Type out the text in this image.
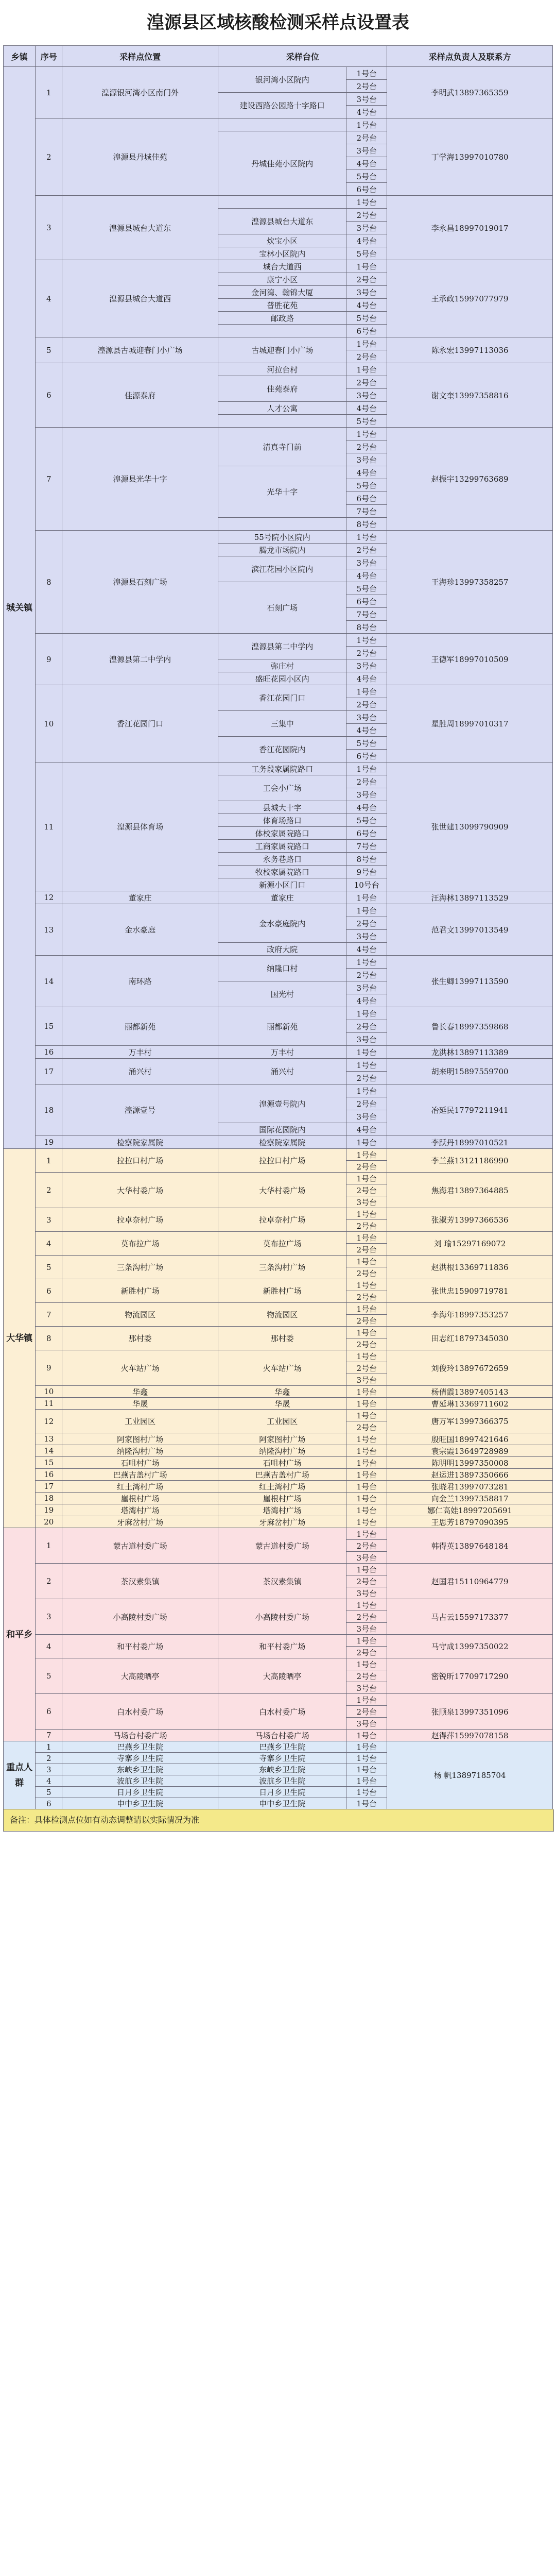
湟源县区域核酸检测采样点设置表
乡镇	序号	采样点位置	采样台位		采样点负责人及联系方
城关镇	1	湟源银河湾小区南门外	银河湾小区院内	1号台	李明武13897365359
				2号台	
			建设西路公园路十字路口	3号台	
				4号台	
	2	湟源县丹城佳苑		1号台	丁学海13997010780
			丹城佳苑小区院内	2号台	
				3号台	
				4号台	
				5号台	
				6号台	
	3	湟源县城台大道东		1号台	李永昌18997019017
			湟源县城台大道东	2号台	
				3号台	
			炊宝小区	4号台	
			宝林小区院内	5号台	
	4	湟源县城台大道西	城台大道西	1号台	王承政15997077979
			康宁小区	2号台	
			金河湾、翰锦大厦	3号台	
			普胜花苑	4号台	
			邮政路	5号台	
				6号台	
	5	湟源县古城迎春门小广场	古城迎春门小广场	1号台	陈永宏13997113036
				2号台	
	6	佳源泰府	河拉台村	1号台	谢文奎13997358816
			佳苑泰府	2号台	
				3号台	
			人才公寓	4号台	
				5号台	
	7	湟源县光华十字	清真寺门前	1号台	赵振宇13299763689
				2号台	
				3号台	
			光华十字	4号台	
				5号台	
				6号台	
				7号台	
				8号台	
	8	湟源县石刻广场	55号院小区院内	1号台	王海珍13997358257
			腾龙市场院内	2号台	
			滨江花园小区院内	3号台	
				4号台	
			石刻广场	5号台	
				6号台	
				7号台	
				8号台	
	9	湟源县第二中学内	湟源县第二中学内	1号台	王德军18997010509
				2号台	
			弥庄村	3号台	
			盛旺花园小区内	4号台	
	10	香江花园门口	香江花园门口	1号台	星胜周18997010317
				2号台	
			三集中	3号台	
				4号台	
			香江花园院内	5号台	
				6号台	
	11	湟源县体育场	工务段家属院路口	1号台	张世建13099790909
			工会小广场	2号台	
				3号台	
			县城大十字	4号台	
			体育场路口	5号台	
			体校家属院路口	6号台	
			工商家属院路口	7号台	
			永务巷路口	8号台	
			牧校家属院路口	9号台	
			新源小区门口	10号台	
	12	董家庄	董家庄	1号台	汪海林13897113529
	13	金水豪庭	金水豪庭院内	1号台	范君文13997013549
				2号台	
				3号台	
			政府大院	4号台	
	14	南环路	纳隆口村	1号台	张生卿13997113590
				2号台	
			国光村	3号台	
				4号台	
	15	丽都新苑	丽都新苑	1号台	鲁长春18997359868
				2号台	
				3号台	
	16	万丰村	万丰村	1号台	龙洪林13897113389
	17	涌兴村	涌兴村	1号台	胡来明15897559700
				2号台	
	18	湟源壹号	湟源壹号院内	1号台	冶延民17797211941
				2号台	
				3号台	
			国际花园院内	4号台	
	19	检察院家属院	检察院家属院	1号台	李跃丹18997010521
大华镇	1	拉拉口村广场	拉拉口村广场	1号台	李兰燕13121186990
				2号台	
	2	大华村委广场	大华村委广场	1号台	焦海君13897364885
				2号台	
				3号台	
	3	拉卓奈村广场	拉卓奈村广场	1号台	张淑芳13997366536
				2号台	
	4	莫布拉广场	莫布拉广场	1号台	刘 瑜15297169072
				2号台	
	5	三条沟村广场	三条沟村广场	1号台	赵洪根13369711836
				2号台	
	6	新胜村广场	新胜村广场	1号台	张世忠15909719781
				2号台	
	7	物流园区	物流园区	1号台	李海年18997353257
				2号台	
	8	那村委	那村委	1号台	田志红18797345030
				2号台	
	9	火车站广场	火车站广场	1号台	刘俊玲13897672659
				2号台	
				3号台	
	10	华鑫	华鑫	1号台	杨倩霞13897405143
	11	华晟	华晟	1号台	曹延琳13369711602
	12	工业园区	工业园区	1号台	唐万军13997366375
				2号台	
	13	阿家图村广场	阿家图村广场	1号台	殷旺国18997421646
	14	纳隆沟村广场	纳隆沟村广场	1号台	袁宗霞13649728989
	15	石咀村广场	石咀村广场	1号台	陈明明13997350008
	16	巴燕吉盖村广场	巴燕吉盖村广场	1号台	赵运进13897350666
	17	红土湾村广场	红土湾村广场	1号台	张晓君13997073281
	18	崖根村广场	崖根村广场	1号台	向金兰13997358817
	19	塔湾村广场	塔湾村广场	1号台	娜仁高娃18997205691
	20	牙麻岔村广场	牙麻岔村广场	1号台	王思芳18797090395
和平乡	1	蒙古道村委广场	蒙古道村委广场	1号台	韩得英13897648184
				2号台	
				3号台	
	2	茶汉素集镇	茶汉素集镇	1号台	赵国君15110964779
				2号台	
				3号台	
	3	小高陵村委广场	小高陵村委广场	1号台	马占云15597173377
				2号台	
				3号台	
	4	和平村委广场	和平村委广场	1号台	马守成13997350022
				2号台	
	5	大高陵晒亭	大高陵晒亭	1号台	密锐昕17709717290
				2号台	
				3号台	
	6	白水村委广场	白水村委广场	1号台	张顺泉13997351096
				2号台	
				3号台	
	7	马场台村委广场	马场台村委广场	1号台	赵得萍15997078158
重点人群	1	巴燕乡卫生院	巴燕乡卫生院	1号台	杨 帆13897185704
	2	寺寨乡卫生院	寺寨乡卫生院	1号台	
	3	东峡乡卫生院	东峡乡卫生院	1号台	
	4	波航乡卫生院	波航乡卫生院	1号台	
	5	日月乡卫生院	日月乡卫生院	1号台	
	6	申中乡卫生院	申中乡卫生院	1号台	
备注：具体检测点位如有动态调整请以实际情况为准
